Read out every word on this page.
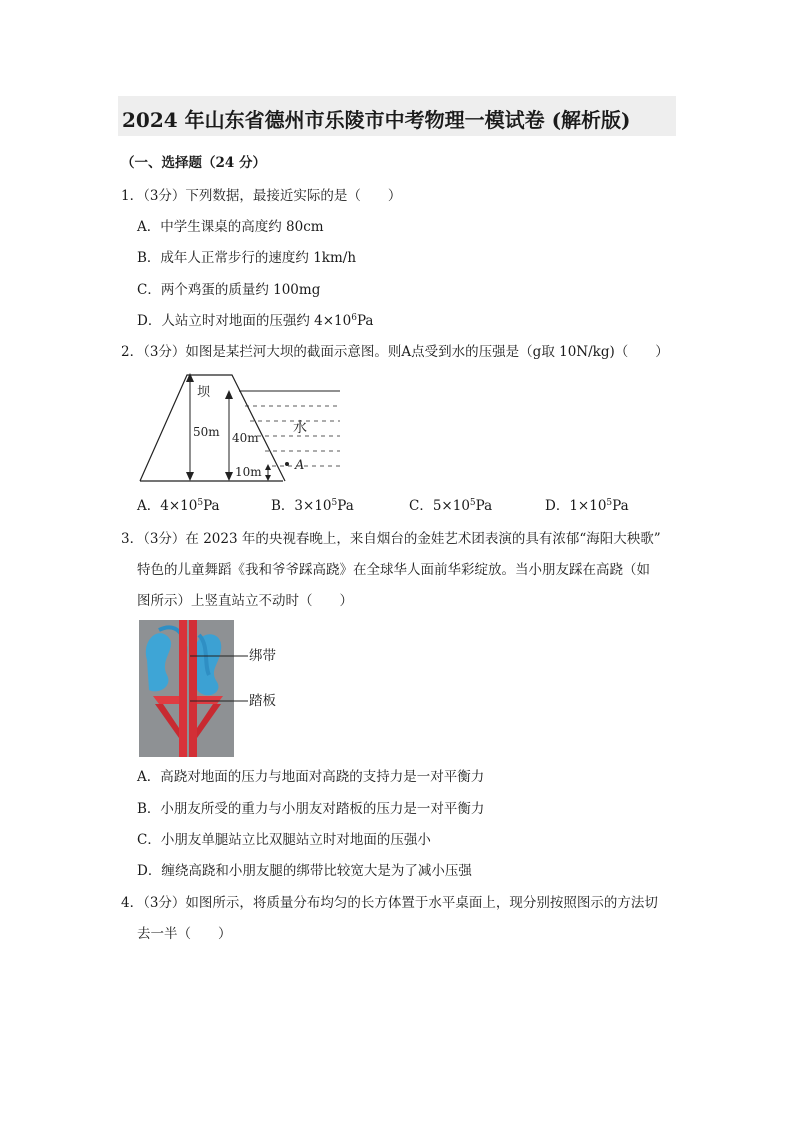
2024 年山东省德州市乐陵市中考物理一模试卷 (解析版)
（一、选择题（24 分）
1．（3分）下列数据，最接近实际的是（　　）
A．中学生课桌的高度约 80cm
B．成年人正常步行的速度约 1km/h
C．两个鸡蛋的质量约 100mg
D．人站立时对地面的压强约 $4\times 10^6Pa$
2．（3分）如图是某拦河大坝的截面示意图。则A点受到水的压强是（g取 10N/kg)（　　）
坝
水
50m 40m
10m	A
A．$4\times 10^5Pa$	B．$3\times 10^5Pa$	C．$5\times 10^5Pa$	D．$1\times 10^5Pa$
3．（3分）在 2023 年的央视春晚上，来自烟台的金娃艺术团表演的具有浓郁“海阳大秧歌”
特色的儿童舞蹈《我和爷爷踩高跷》在全球华人面前华彩绽放。当小朋友踩在高跷（如
图所示）上竖直站立不动时（　　）
绑带
踏板
A．高跷对地面的压力与地面对高跷的支持力是一对平衡力
B．小朋友所受的重力与小朋友对踏板的压力是一对平衡力
C．小朋友单腿站立比双腿站立时对地面的压强小
D．缠绕高跷和小朋友腿的绑带比较宽大是为了减小压强
4．（3分）如图所示，将质量分布均匀的长方体置于水平桌面上，现分别按照图示的方法切
去一半（　　）
